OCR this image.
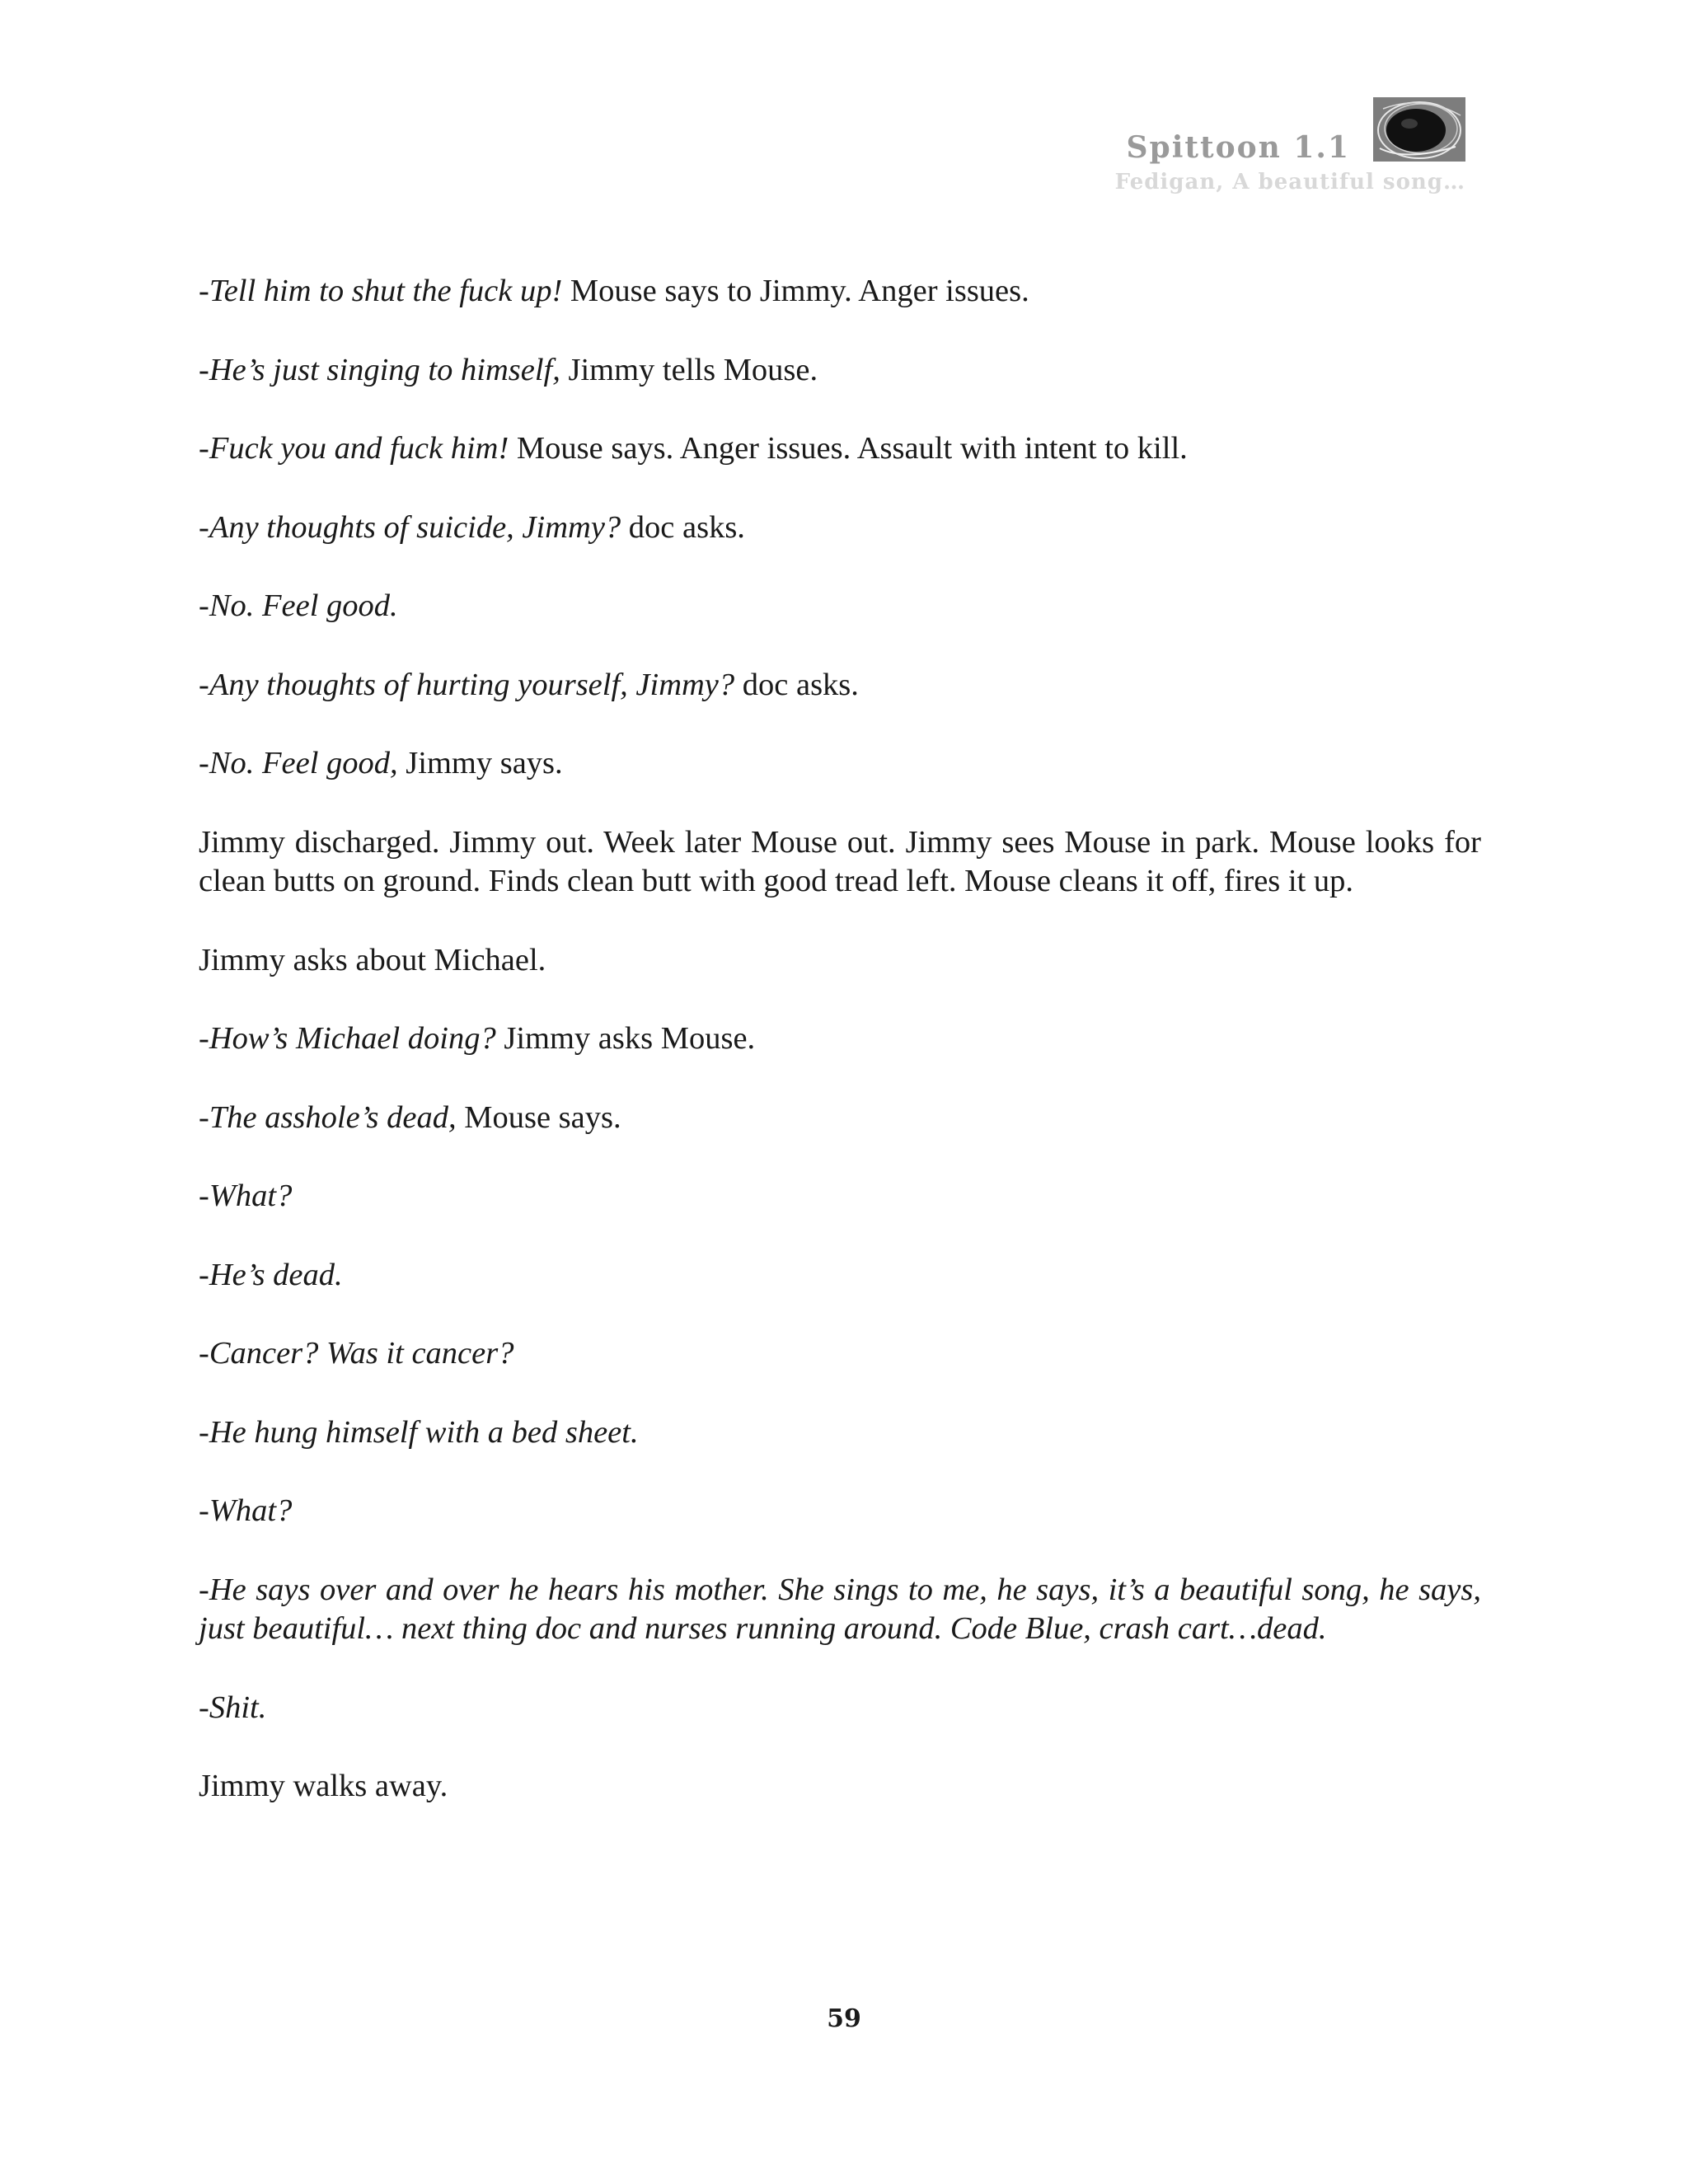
Spittoon 1.1
Fedigan, A beautiful song…

-Tell him to shut the fuck up! Mouse says to Jimmy. Anger issues.

-He’s just singing to himself, Jimmy tells Mouse.

-Fuck you and fuck him! Mouse says. Anger issues. Assault with intent to kill.

-Any thoughts of suicide, Jimmy? doc asks.

-No. Feel good.

-Any thoughts of hurting yourself, Jimmy? doc asks.

-No. Feel good, Jimmy says.

Jimmy discharged. Jimmy out. Week later Mouse out. Jimmy sees Mouse in park. Mouse looks for clean butts on ground. Finds clean butt with good tread left. Mouse cleans it off, fires it up.

Jimmy asks about Michael.

-How’s Michael doing? Jimmy asks Mouse.

-The asshole’s dead, Mouse says.

-What?

-He’s dead.

-Cancer? Was it cancer?

-He hung himself with a bed sheet.

-What?

-He says over and over he hears his mother. She sings to me, he says, it’s a beautiful song, he says, just beautiful… next thing doc and nurses running around. Code Blue, crash cart…dead.

-Shit.

Jimmy walks away.

59
